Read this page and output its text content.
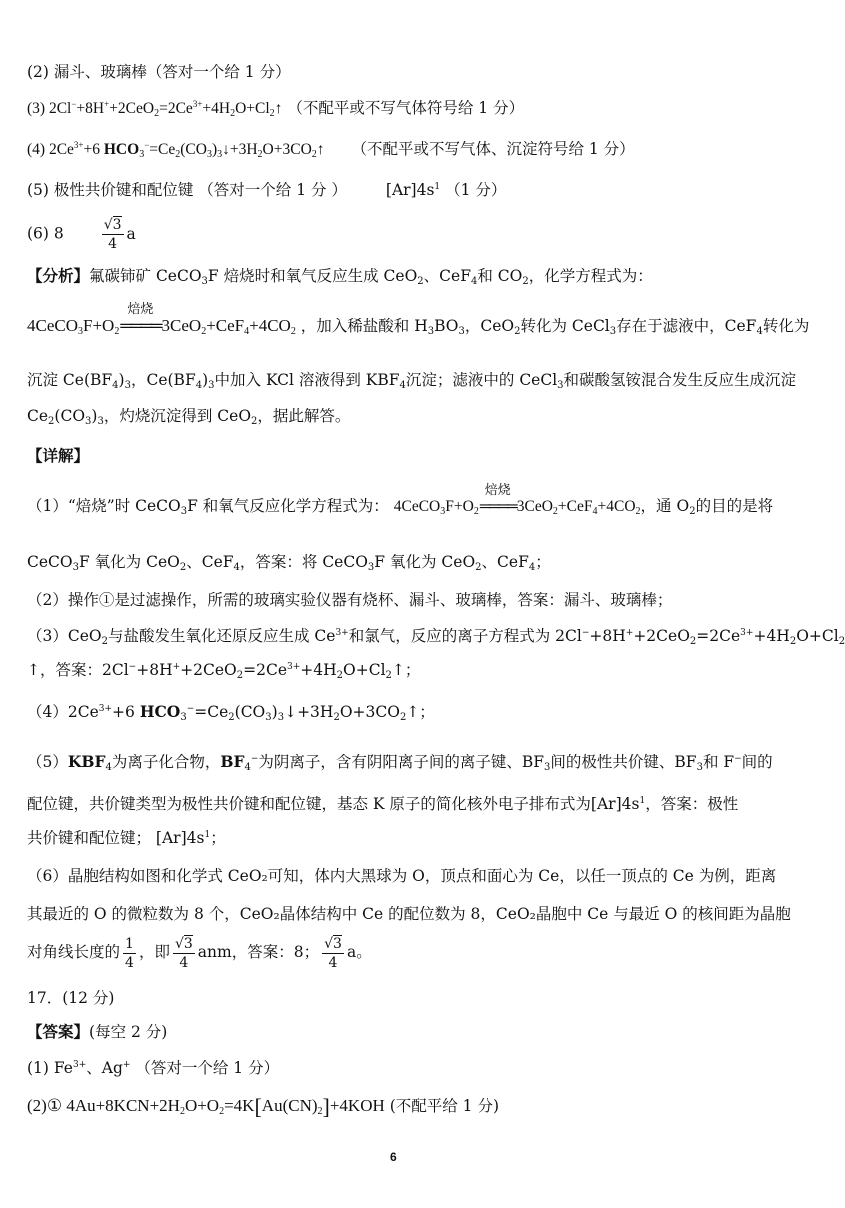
(2) 漏斗、玻璃棒（答对一个给 1 分）
(3) $2Cl^-+8H^++2CeO_2=2Ce^{3+}+4H_2O+Cl_2↑$ （不配平或不写气体符号给 1 分）
(4) $2Ce^{3+}+6$ $HCO_3^-=Ce_2(CO_3)_3↓+3H_2O+3CO_2↑$ （不配平或不写气体、沉淀符号给 1 分）
(5) 极性共价键和配位键 （答对一个给 1 分 ）	$[Ar]4s^1$ （1 分）
(6) 8	$\frac{√3}{4}$ a
【分析】氟碳铈矿 CeCO$_3$F 焙烧时和氧气反应生成 CeO$_2$、CeF$_4$和 $CO_2$，化学方程式为：
$4CeCO_3F+O_2$
焙烧
$════3CeO_2+CeF_4+4CO_2$ ，加入稀盐酸和 $H_3BO_3$，CeO$_2$转化为 CeCl$_3$存在于滤液中，CeF$_4$转化为
沉淀 $Ce(BF_4)_3$，$Ce(BF_4)_3$中加入 KCl 溶液得到 $KBF_4$沉淀；滤液中的 CeCl$_3$和碳酸氢铵混合发生反应生成沉淀
$Ce_2(CO_3)_3$，灼烧沉淀得到 CeO$_2$，据此解答。
【详解】
（1）“焙烧”时 CeCO$_3$F 和氧气反应化学方程式为： $4CeCO_3F+O_2$
焙烧
$════3CeO_2+CeF_4+4CO_2$，通 $O_2$的目的是将
CeCO$_3$F 氧化为 CeO$_2$、CeF$_4$，答案：将 CeCO$_3$F 氧化为 CeO$_2$、CeF$_4$；
（2）操作①是过滤操作，所需的玻璃实验仪器有烧杯、漏斗、玻璃棒，答案：漏斗、玻璃棒；
（3）CeO$_2$与盐酸发生氧化还原反应生成 $Ce^{3+}$和氯气，反应的离子方程式为 $2Cl^-+8H^++2CeO_2=2Ce^{3+}+4H_2O+Cl_2$
↑，答案：$2Cl^-+8H^++2CeO_2=2Ce^{3+}+4H_2O+Cl_2↑$；
$(4)2Ce^{3+}+6$ $HCO_3^-=Ce_2(CO_3)_3↓+3H_2O+3CO_2↑$；
$(5)KBF_4$为离子化合物，$BF_4^-$为阴离子，含有阴阳离子间的离子键、$BF_3$间的极性共价键、$BF_3$和 F−间的
配位键，共价键类型为极性共价键和配位键，基态 K 原子的简化核外电子排布式为$[Ar]4s^1$，答案：极性
共价键和配位键； $[Ar]4s^1$；
（6）晶胞结构如图和化学式 CeO₂可知，体内大黑球为 O，顶点和面心为 Ce，以任一顶点的 Ce 为例，距离
其最近的 O 的微粒数为 8 个，CeO₂晶体结构中 Ce 的配位数为 8，CeO₂晶胞中 Ce 与最近 O 的核间距为晶胞
对角线长度的 $\frac{1}{4}$ ，即 $\frac{√3}{4}$ anm，答案：8； $\frac{√3}{4}$ a。
17．(12 分)
【答案】(每空 2 分)
(1) $Fe^{3+}$、Ag+ （答对一个给 1 分）
(2)① $4Au+8KCN+2H_2O+O_2=4K[Au(CN)_2]+4KOH$ (不配平给 1 分)
6
